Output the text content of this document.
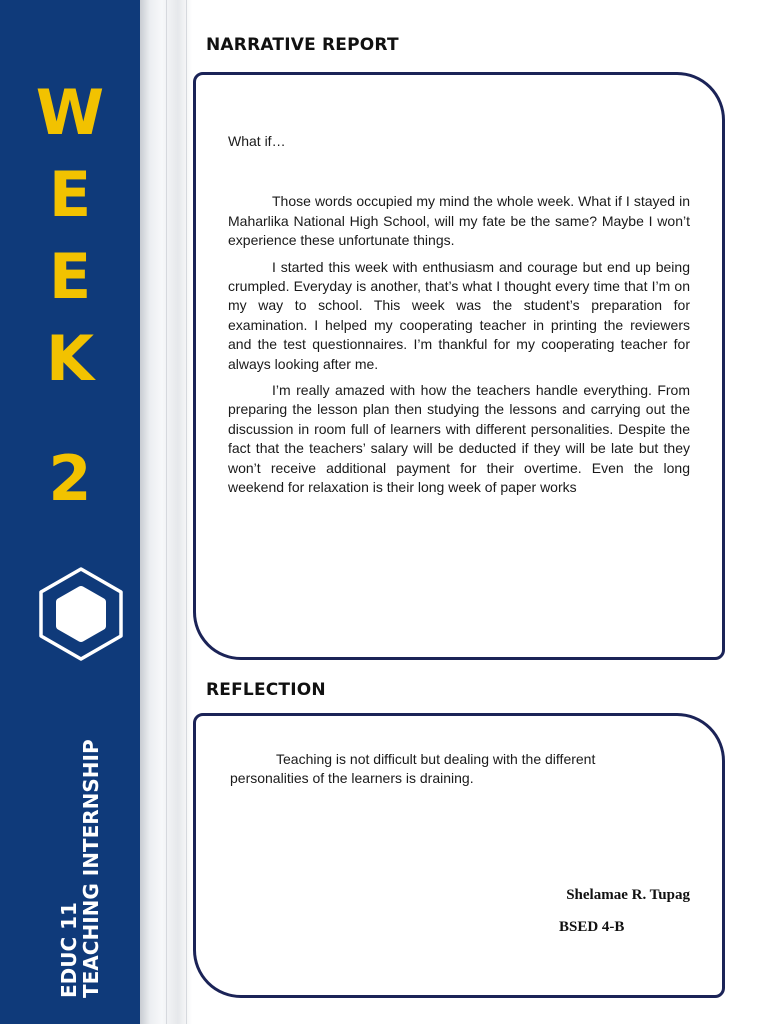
W
E
E
K
2
EDUC 11
TEACHING INTERNSHIP
NARRATIVE REPORT

What if…

Those words occupied my mind the whole week. What if I stayed in Maharlika National High School, will my fate be the same? Maybe I won’t experience these unfortunate things.

I started this week with enthusiasm and courage but end up being crumpled. Everyday is another, that’s what I thought every time that I’m on my way to school. This week was the student’s preparation for examination. I helped my cooperating teacher in printing the reviewers and the test questionnaires. I’m thankful for my cooperating teacher for always looking after me.

I’m really amazed with how the teachers handle everything. From preparing the lesson plan then studying the lessons and carrying out the discussion in room full of learners with different personalities. Despite the fact that the teachers’ salary will be deducted if they will be late but they won’t receive additional payment for their overtime. Even the long weekend for relaxation is their long week of paper works

REFLECTION

Teaching is not difficult but dealing with the different personalities of the learners is draining.

Shelamae R. Tupag
BSED 4-B
